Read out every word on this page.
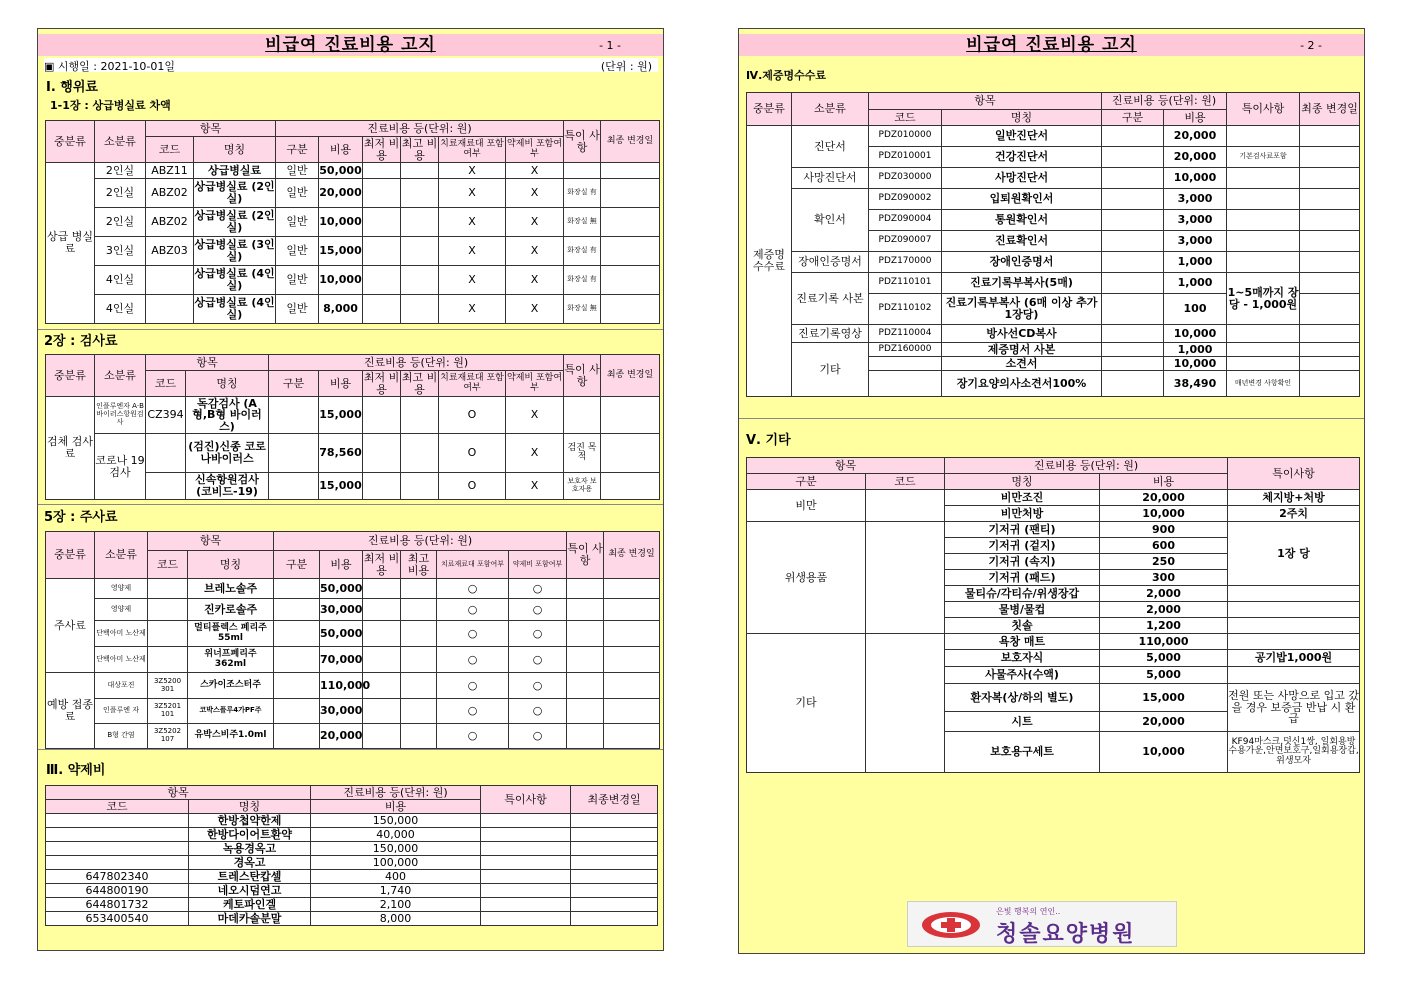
비급여 진료비용 고지	- 1 -
▣ 시행일 : 2021-10-01일	(단위 : 원)
Ⅰ. 행위료
1-1장 : 상급병실료 차액
중분류	소분류	항목		진료비용 등(단위: 원)						특이 사항	최종 변경일
		코드	명칭	구분	비용	최저 비용	최고 비용	치료재료대 포함여부	약제비 포함여부		
상급 병실료	2인실	ABZ11	상급병실료	일반	50,000			X	X		
	2인실	ABZ02	상급병실료 (2인실)	일반	20,000			X	X	화장실 有	
	2인실	ABZ02	상급병실료 (2인실)	일반	10,000			X	X	화장실 無	
	3인실	ABZ03	상급병실료 (3인실)	일반	15,000			X	X	화장실 有	
	4인실		상급병실료 (4인실)	일반	10,000			X	X	화장실 有	
	4인실		상급병실료 (4인실)	일반	8,000			X	X	화장실 無	
2장 : 검사료
중분류	소분류	항목		진료비용 등(단위: 원)						특이 사항	최종 변경일
		코드	명칭	구분	비용	최저 비용	최고 비용	치료재료대 포함여부	약제비 포함여부		
검체 검사료	인플루엔자 A·B바이러스항원검사	CZ394	독감검사 (A형,B형 바이러스)		15,000			O	X		
	코로나 19검사		(검진)신종 코로나바이러스		78,560			O	X	검진 목적	
			신속항원검사 (코비드-19)		15,000			O	X	보호자 보호자용	
5장 : 주사료
중분류	소분류	항목		진료비용 등(단위: 원)						특이 사항	최종 변경일
		코드	명칭	구분	비용	최저 비용	최고 비용	치료재료대 포함여부	약제비 포함여부		
주사료	영양제		브레노솔주		50,000			○	○		
	영양제		진카로솔주		30,000			○	○		
	단백아미 노산제		멀티플렉스 페리주55ml		50,000			○	○		
	단백아미 노산제		위너프페리주 362ml		70,000			○	○		
예방 접종료	대상포진	3Z5200 301	스카이조스터주		110,000			○	○		
	인플루엔 자	3Z5201 101	코박스플루4가PF주		30,000			○	○		
	B형 간염	3Z5202 107	유박스비주1.0ml		20,000			○	○		
Ⅲ. 약제비
항목		진료비용 등(단위: 원)	특이사항	최종변경일
코드	명칭	비용		
	한방첩약한제	150,000		
	한방다이어트환약	40,000		
	녹용경옥고	150,000		
	경옥고	100,000		
647802340	트레스탄캅셀	400		
644800190	네오시덤연고	1,740		
644801732	케토파인겔	2,100		
653400540	마데카솔분말	8,000		
비급여 진료비용 고지	- 2 -
Ⅳ.제증명수수료
중분류	소분류	항목		진료비용 등(단위: 원)		특이사항	최종 변경일
		코드	명칭	구분	비용		
제증명 수수료	진단서	PDZ010000	일반진단서		20,000		
		PDZ010001	건강진단서		20,000	기본검사료포함	
	사망진단서	PDZ030000	사망진단서		10,000		
	확인서	PDZ090002	입퇴원확인서		3,000		
		PDZ090004	통원확인서		3,000		
		PDZ090007	진료확인서		3,000		
	장애인증명서	PDZ170000	장애인증명서		1,000		
	진료기록 사본	PDZ110101	진료기록부복사(5매)		1,000	1~5매까지 장당 - 1,000원	
		PDZ110102	진료기록부복사 (6매 이상 추가1장당)		100		
	진료기록영상	PDZ110004	방사선CD복사		10,000		
	기타	PDZ160000	제증명서 사본		1,000		
			소견서		10,000		
			장기요양의사소견서100%		38,490	매년변경 사항확인	
Ⅴ. 기타
항목		진료비용 등(단위: 원)		특이사항
구분	코드	명칭	비용	
비만		비만조진	20,000	체지방+처방
		비만처방	10,000	2주치
위생용품		기저귀 (팬티)	900	1장 당
		기저귀 (겉지)	600	
		기저귀 (속지)	250	
		기저귀 (패드)	300	
		물티슈/각티슈/위생장갑	2,000	
		물병/물컵	2,000	
		칫솔	1,200	
기타		욕창 매트	110,000	
		보호자식	5,000	공기밥1,000원
		사물주사(수액)	5,000	
		환자복(상/하의 별도)	15,000	전원 또는 사망으로 입고 갔을 경우 보증금 반납 시 환급
		시트	20,000	
		보호용구세트	10,000	KF94마스크,덧신1쌍, 일회용방수용가운,안면보호구,일회용장갑,위생모자
은빛 행복의 연인..
청솔요양병원
